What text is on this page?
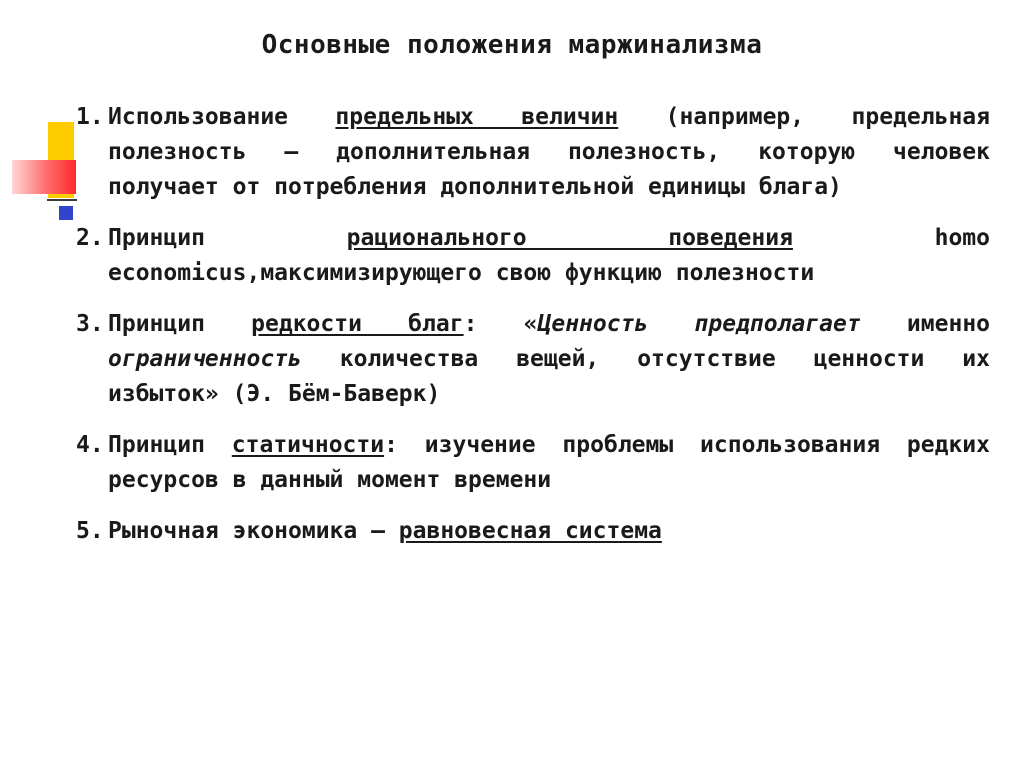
Основные положения маржинализма
1. Использование предельных величин (например, предельная полезность – дополнительная полезность, которую человек получает от потребления дополнительной единицы блага)
2. Принцип рационального поведения homo economicus,максимизирующего свою функцию полезности
3. Принцип редкости благ: «Ценность предполагает именно ограниченность количества вещей, отсутствие ценности их избыток» (Э. Бём-Баверк)
4. Принцип статичности: изучение проблемы использования редких ресурсов в данный момент времени
5. Рыночная экономика – равновесная система
